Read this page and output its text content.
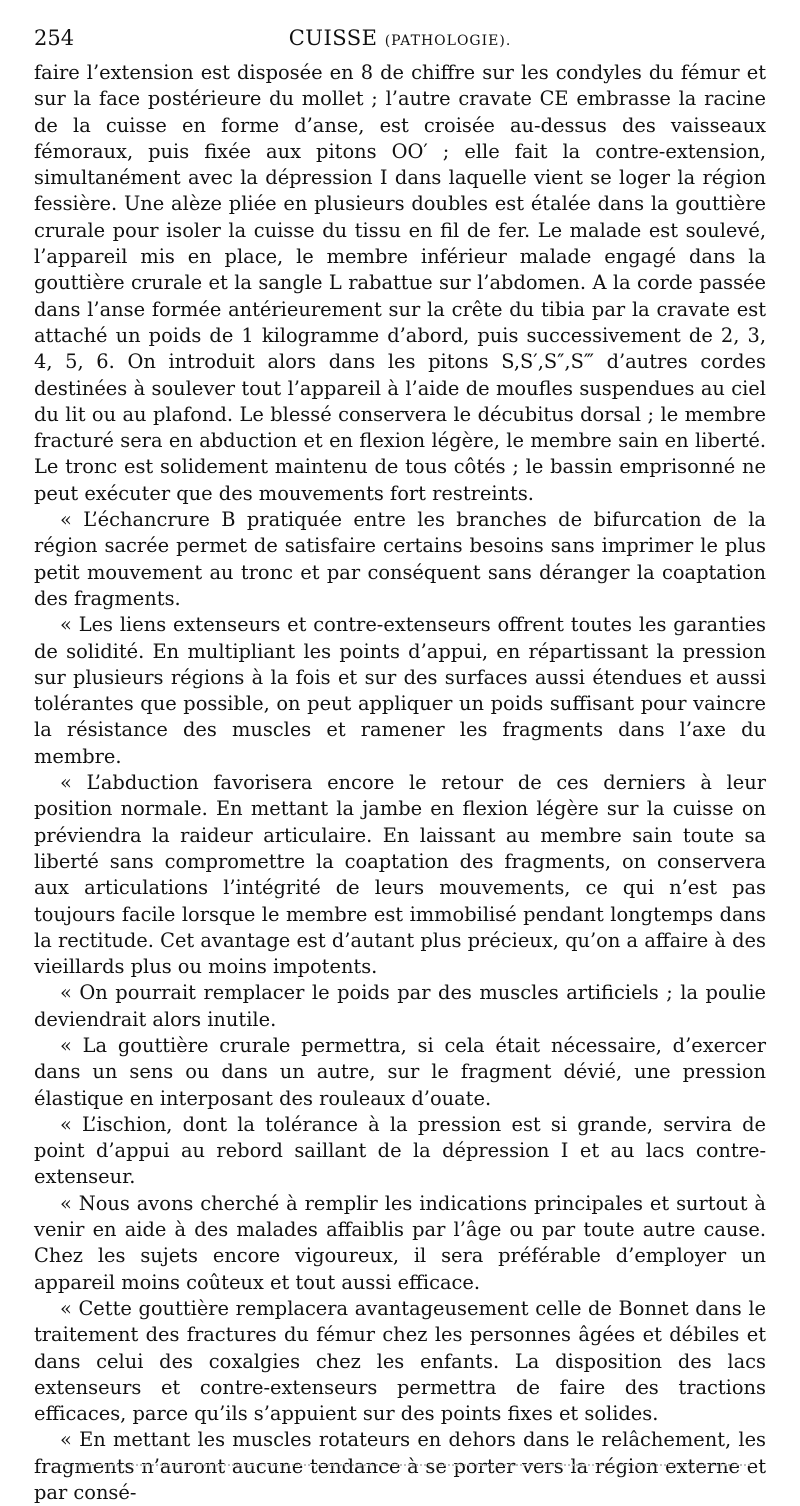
254	CUISSE (PATHOLOGIE).

faire l’extension est disposée en 8 de chiffre sur les condyles du fémur et sur la face postérieure du mollet ; l’autre cravate CE embrasse la racine de la cuisse en forme d’anse, est croisée au-dessus des vaisseaux fémoraux, puis fixée aux pitons OO′ ; elle fait la contre-extension, simultanément avec la dépression I dans laquelle vient se loger la région fessière. Une alèze pliée en plusieurs doubles est étalée dans la gouttière crurale pour isoler la cuisse du tissu en fil de fer. Le malade est soulevé, l’appareil mis en place, le membre inférieur malade engagé dans la gouttière crurale et la sangle L rabattue sur l’abdomen. A la corde passée dans l’anse formée antérieurement sur la crête du tibia par la cravate est attaché un poids de 1 kilogramme d’abord, puis successivement de 2, 3, 4, 5, 6. On introduit alors dans les pitons S,S′,S″,S‴ d’autres cordes destinées à soulever tout l’appareil à l’aide de moufles suspendues au ciel du lit ou au plafond. Le blessé conservera le décubitus dorsal ; le membre fracturé sera en abduction et en flexion légère, le membre sain en liberté. Le tronc est solidement maintenu de tous côtés ; le bassin emprisonné ne peut exécuter que des mouvements fort restreints.

« L’échancrure B pratiquée entre les branches de bifurcation de la région sacrée permet de satisfaire certains besoins sans imprimer le plus petit mouvement au tronc et par conséquent sans déranger la coaptation des fragments.

« Les liens extenseurs et contre-extenseurs offrent toutes les garanties de solidité. En multipliant les points d’appui, en répartissant la pression sur plusieurs régions à la fois et sur des surfaces aussi étendues et aussi tolérantes que possible, on peut appliquer un poids suffisant pour vaincre la résistance des muscles et ramener les fragments dans l’axe du membre.

« L’abduction favorisera encore le retour de ces derniers à leur position normale. En mettant la jambe en flexion légère sur la cuisse on préviendra la raideur articulaire. En laissant au membre sain toute sa liberté sans compromettre la coaptation des fragments, on conservera aux articulations l’intégrité de leurs mouvements, ce qui n’est pas toujours facile lorsque le membre est immobilisé pendant longtemps dans la rectitude. Cet avantage est d’autant plus précieux, qu’on a affaire à des vieillards plus ou moins impotents.

« On pourrait remplacer le poids par des muscles artificiels ; la poulie deviendrait alors inutile.

« La gouttière crurale permettra, si cela était nécessaire, d’exercer dans un sens ou dans un autre, sur le fragment dévié, une pression élastique en interposant des rouleaux d’ouate.

« L’ischion, dont la tolérance à la pression est si grande, servira de point d’appui au rebord saillant de la dépression I et au lacs contre-extenseur.

« Nous avons cherché à remplir les indications principales et surtout à venir en aide à des malades affaiblis par l’âge ou par toute autre cause. Chez les sujets encore vigoureux, il sera préférable d’employer un appareil moins coûteux et tout aussi efficace.

« Cette gouttière remplacera avantageusement celle de Bonnet dans le traitement des fractures du fémur chez les personnes âgées et débiles et dans celui des coxalgies chez les enfants. La disposition des lacs extenseurs et contre-extenseurs permettra de faire des tractions efficaces, parce qu’ils s’appuient sur des points fixes et solides.

« En mettant les muscles rotateurs en dehors dans le relâchement, les fragments n’auront aucune tendance à se porter vers la région externe et par consé-
